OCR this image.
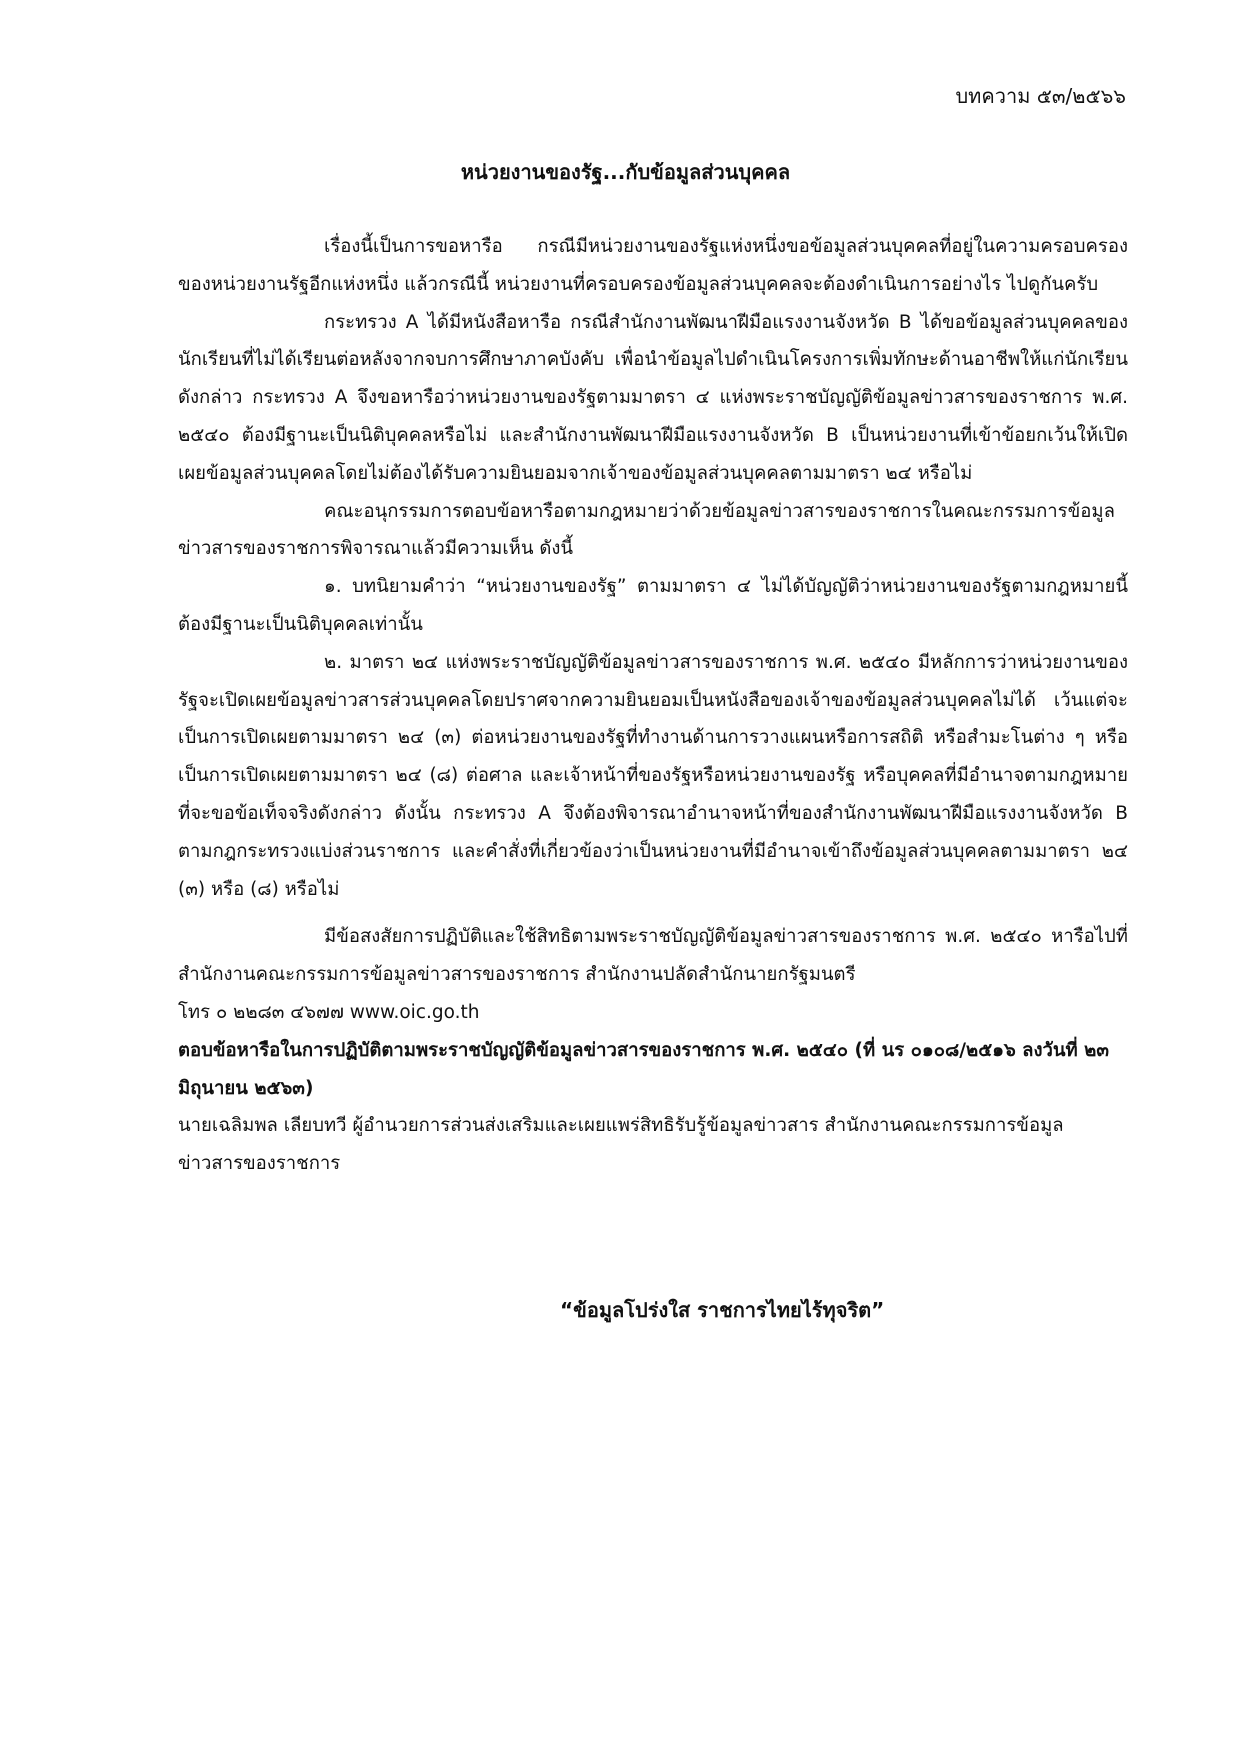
บทความ ๕๓/๒๕๖๖
หน่วยงานของรัฐ...กับข้อมูลส่วนบุคคล

เรื่องนี้เป็นการขอหารือ กรณีมีหน่วยงานของรัฐแห่งหนึ่งขอข้อมูลส่วนบุคคลที่อยู่ในความครอบครองของหน่วยงานรัฐอีกแห่งหนึ่ง แล้วกรณีนี้ หน่วยงานที่ครอบครองข้อมูลส่วนบุคคลจะต้องดำเนินการอย่างไร ไปดูกันครับ

กระทรวง A ได้มีหนังสือหารือ กรณีสำนักงานพัฒนาฝีมือแรงงานจังหวัด B ได้ขอข้อมูลส่วนบุคคลของนักเรียนที่ไม่ได้เรียนต่อหลังจากจบการศึกษาภาคบังคับ เพื่อนำข้อมูลไปดำเนินโครงการเพิ่มทักษะด้านอาชีพให้แก่นักเรียนดังกล่าว กระทรวง A จึงขอหารือว่าหน่วยงานของรัฐตามมาตรา ๔ แห่งพระราชบัญญัติข้อมูลข่าวสารของราชการ พ.ศ. ๒๕๔๐ ต้องมีฐานะเป็นนิติบุคคลหรือไม่ และสำนักงานพัฒนาฝีมือแรงงานจังหวัด B เป็นหน่วยงานที่เข้าข้อยกเว้นให้เปิดเผยข้อมูลส่วนบุคคลโดยไม่ต้องได้รับความยินยอมจากเจ้าของข้อมูลส่วนบุคคลตามมาตรา ๒๔ หรือไม่

คณะอนุกรรมการตอบข้อหารือตามกฎหมายว่าด้วยข้อมูลข่าวสารของราชการในคณะกรรมการข้อมูลข่าวสารของราชการพิจารณาแล้วมีความเห็น ดังนี้

๑. บทนิยามคำว่า “หน่วยงานของรัฐ” ตามมาตรา ๔ ไม่ได้บัญญัติว่าหน่วยงานของรัฐตามกฎหมายนี้ต้องมีฐานะเป็นนิติบุคคลเท่านั้น

๒. มาตรา ๒๔ แห่งพระราชบัญญัติข้อมูลข่าวสารของราชการ พ.ศ. ๒๕๔๐ มีหลักการว่าหน่วยงานของรัฐจะเปิดเผยข้อมูลข่าวสารส่วนบุคคลโดยปราศจากความยินยอมเป็นหนังสือของเจ้าของข้อมูลส่วนบุคคลไม่ได้ เว้นแต่จะเป็นการเปิดเผยตามมาตรา ๒๔ (๓) ต่อหน่วยงานของรัฐที่ทำงานด้านการวางแผนหรือการสถิติ หรือสำมะโนต่าง ๆ หรือเป็นการเปิดเผยตามมาตรา ๒๔ (๘) ต่อศาล และเจ้าหน้าที่ของรัฐหรือหน่วยงานของรัฐ หรือบุคคลที่มีอำนาจตามกฎหมายที่จะขอข้อเท็จจริงดังกล่าว ดังนั้น กระทรวง A จึงต้องพิจารณาอำนาจหน้าที่ของสำนักงานพัฒนาฝีมือแรงงานจังหวัด B ตามกฎกระทรวงแบ่งส่วนราชการ และคำสั่งที่เกี่ยวข้องว่าเป็นหน่วยงานที่มีอำนาจเข้าถึงข้อมูลส่วนบุคคลตามมาตรา ๒๔ (๓) หรือ (๘) หรือไม่

มีข้อสงสัยการปฏิบัติและใช้สิทธิตามพระราชบัญญัติข้อมูลข่าวสารของราชการ พ.ศ. ๒๕๔๐ หารือไปที่สำนักงานคณะกรรมการข้อมูลข่าวสารของราชการ สำนักงานปลัดสำนักนายกรัฐมนตรี

โทร ๐ ๒๒๘๓ ๔๖๗๗ www.oic.go.th

ตอบข้อหารือในการปฏิบัติตามพระราชบัญญัติข้อมูลข่าวสารของราชการ พ.ศ. ๒๕๔๐ (ที่ นร ๐๑๐๘/๒๕๑๖ ลงวันที่ ๒๓ มิถุนายน ๒๕๖๓)

นายเฉลิมพล เลียบทวี ผู้อำนวยการส่วนส่งเสริมและเผยแพร่สิทธิรับรู้ข้อมูลข่าวสาร สำนักงานคณะกรรมการข้อมูลข่าวสารของราชการ

“ข้อมูลโปร่งใส ราชการไทยไร้ทุจริต”
